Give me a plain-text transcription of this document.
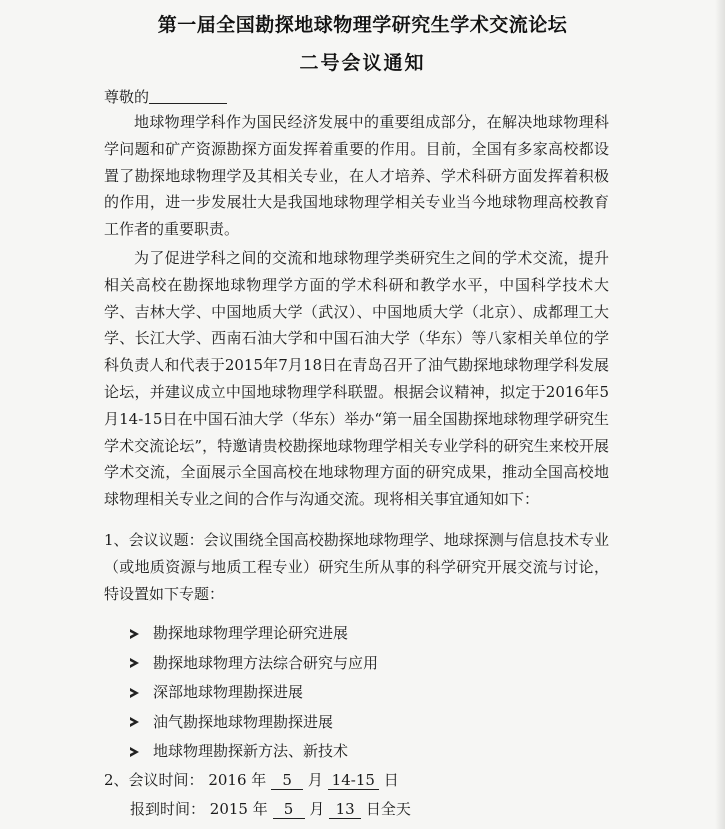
第一届全国勘探地球物理学研究生学术交流论坛
二号会议通知
尊敬的
地球物理学科作为国民经济发展中的重要组成部分，在解决地球物理科学问题和矿产资源勘探方面发挥着重要的作用。目前，全国有多家高校都设置了勘探地球物理学及其相关专业，在人才培养、学术科研方面发挥着积极的作用，进一步发展壮大是我国地球物理学相关专业当今地球物理高校教育工作者的重要职责。
为了促进学科之间的交流和地球物理学类研究生之间的学术交流，提升相关高校在勘探地球物理学方面的学术科研和教学水平，中国科学技术大学、吉林大学、中国地质大学（武汉）、中国地质大学（北京）、成都理工大学、长江大学、西南石油大学和中国石油大学（华东）等八家相关单位的学科负责人和代表于2015年7月18日在青岛召开了油气勘探地球物理学科发展论坛，并建议成立中国地球物理学科联盟。根据会议精神，拟定于2016年5月14-15日在中国石油大学（华东）举办“第一届全国勘探地球物理学研究生学术交流论坛”，特邀请贵校勘探地球物理学相关专业学科的研究生来校开展学术交流，全面展示全国高校在地球物理方面的研究成果，推动全国高校地球物理相关专业之间的合作与沟通交流。现将相关事宜通知如下：
1、会议议题：会议围绕全国高校勘探地球物理学、地球探测与信息技术专业（或地质资源与地质工程专业）研究生所从事的科学研究开展交流与讨论，特设置如下专题：
勘探地球物理学理论研究进展
勘探地球物理方法综合研究与应用
深部地球物理勘探进展
油气勘探地球物理勘探进展
地球物理勘探新方法、新技术
2、会议时间： 2016 年 5 月 14-15 日
报到时间： 2015 年 5 月 13 日全天
